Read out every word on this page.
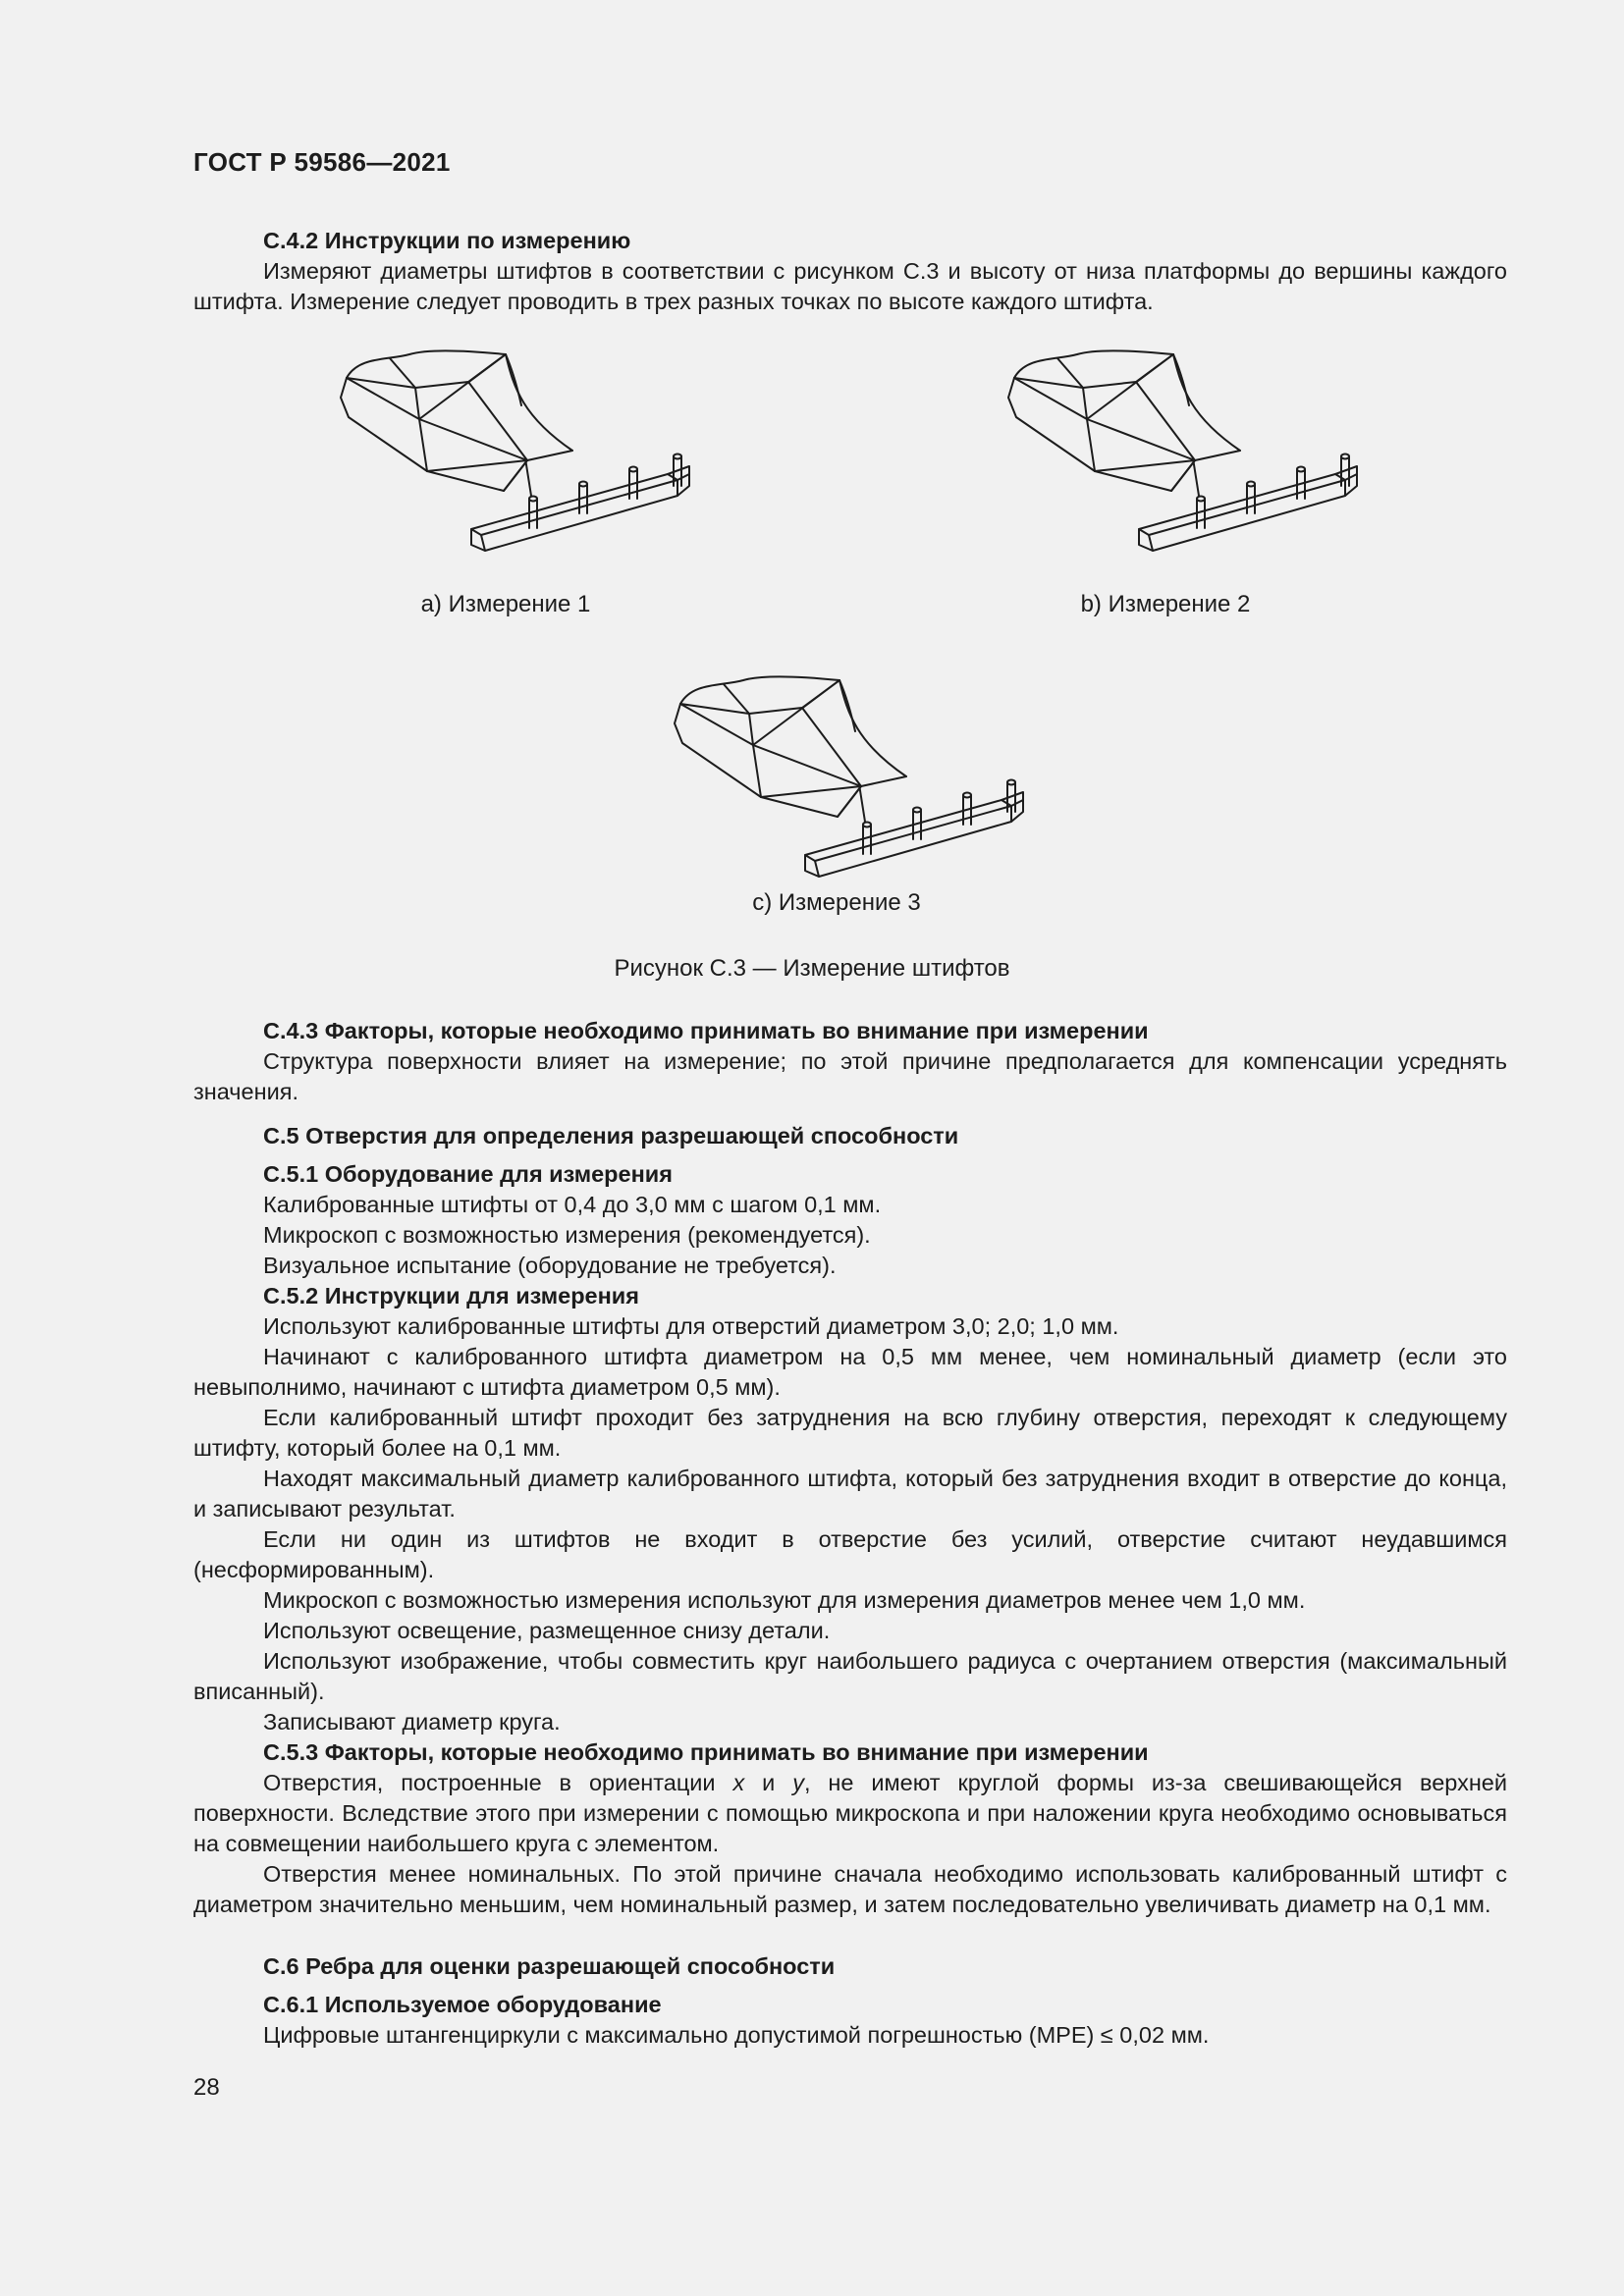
ГОСТ Р 59586—2021
С.4.2 Инструкции по измерению

Измеряют диаметры штифтов в соответствии с рисунком С.3 и высоту от низа платформы до вершины каждого штифта. Измерение следует проводить в трех разных точках по высоте каждого штифта.

a) Измерение 1	b) Измерение 2
c) Измерение 3
Рисунок С.3 — Измерение штифтов
С.4.3 Факторы, которые необходимо принимать во внимание при измерении

Структура поверхности влияет на измерение; по этой причине предполагается для компенсации усреднять значения.

С.5 Отверстия для определения разрешающей способности
С.5.1 Оборудование для измерения

Калиброванные штифты от 0,4 до 3,0 мм с шагом 0,1 мм.

Микроскоп с возможностью измерения (рекомендуется).

Визуальное испытание (оборудование не требуется).

С.5.2 Инструкции для измерения

Используют калиброванные штифты для отверстий диаметром 3,0; 2,0; 1,0 мм.

Начинают с калиброванного штифта диаметром на 0,5 мм менее, чем номинальный диаметр (если это невыполнимо, начинают с штифта диаметром 0,5 мм).

Если калиброванный штифт проходит без затруднения на всю глубину отверстия, переходят к следующему штифту, который более на 0,1 мм.

Находят максимальный диаметр калиброванного штифта, который без затруднения входит в отверстие до конца, и записывают результат.

Если ни один из штифтов не входит в отверстие без усилий, отверстие считают неудавшимся (несформированным).

Микроскоп с возможностью измерения используют для измерения диаметров менее чем 1,0 мм.

Используют освещение, размещенное снизу детали.

Используют изображение, чтобы совместить круг наибольшего радиуса с очертанием отверстия (максимальный вписанный).

Записывают диаметр круга.

С.5.3 Факторы, которые необходимо принимать во внимание при измерении

Отверстия, построенные в ориентации x и y, не имеют круглой формы из-за свешивающейся верхней поверхности. Вследствие этого при измерении с помощью микроскопа и при наложении круга необходимо основываться на совмещении наибольшего круга с элементом.

Отверстия менее номинальных. По этой причине сначала необходимо использовать калиброванный штифт с диаметром значительно меньшим, чем номинальный размер, и затем последовательно увеличивать диаметр на 0,1 мм.

С.6 Ребра для оценки разрешающей способности
С.6.1 Используемое оборудование

Цифровые штангенциркули с максимально допустимой погрешностью (МРЕ) ≤ 0,02 мм.

28
